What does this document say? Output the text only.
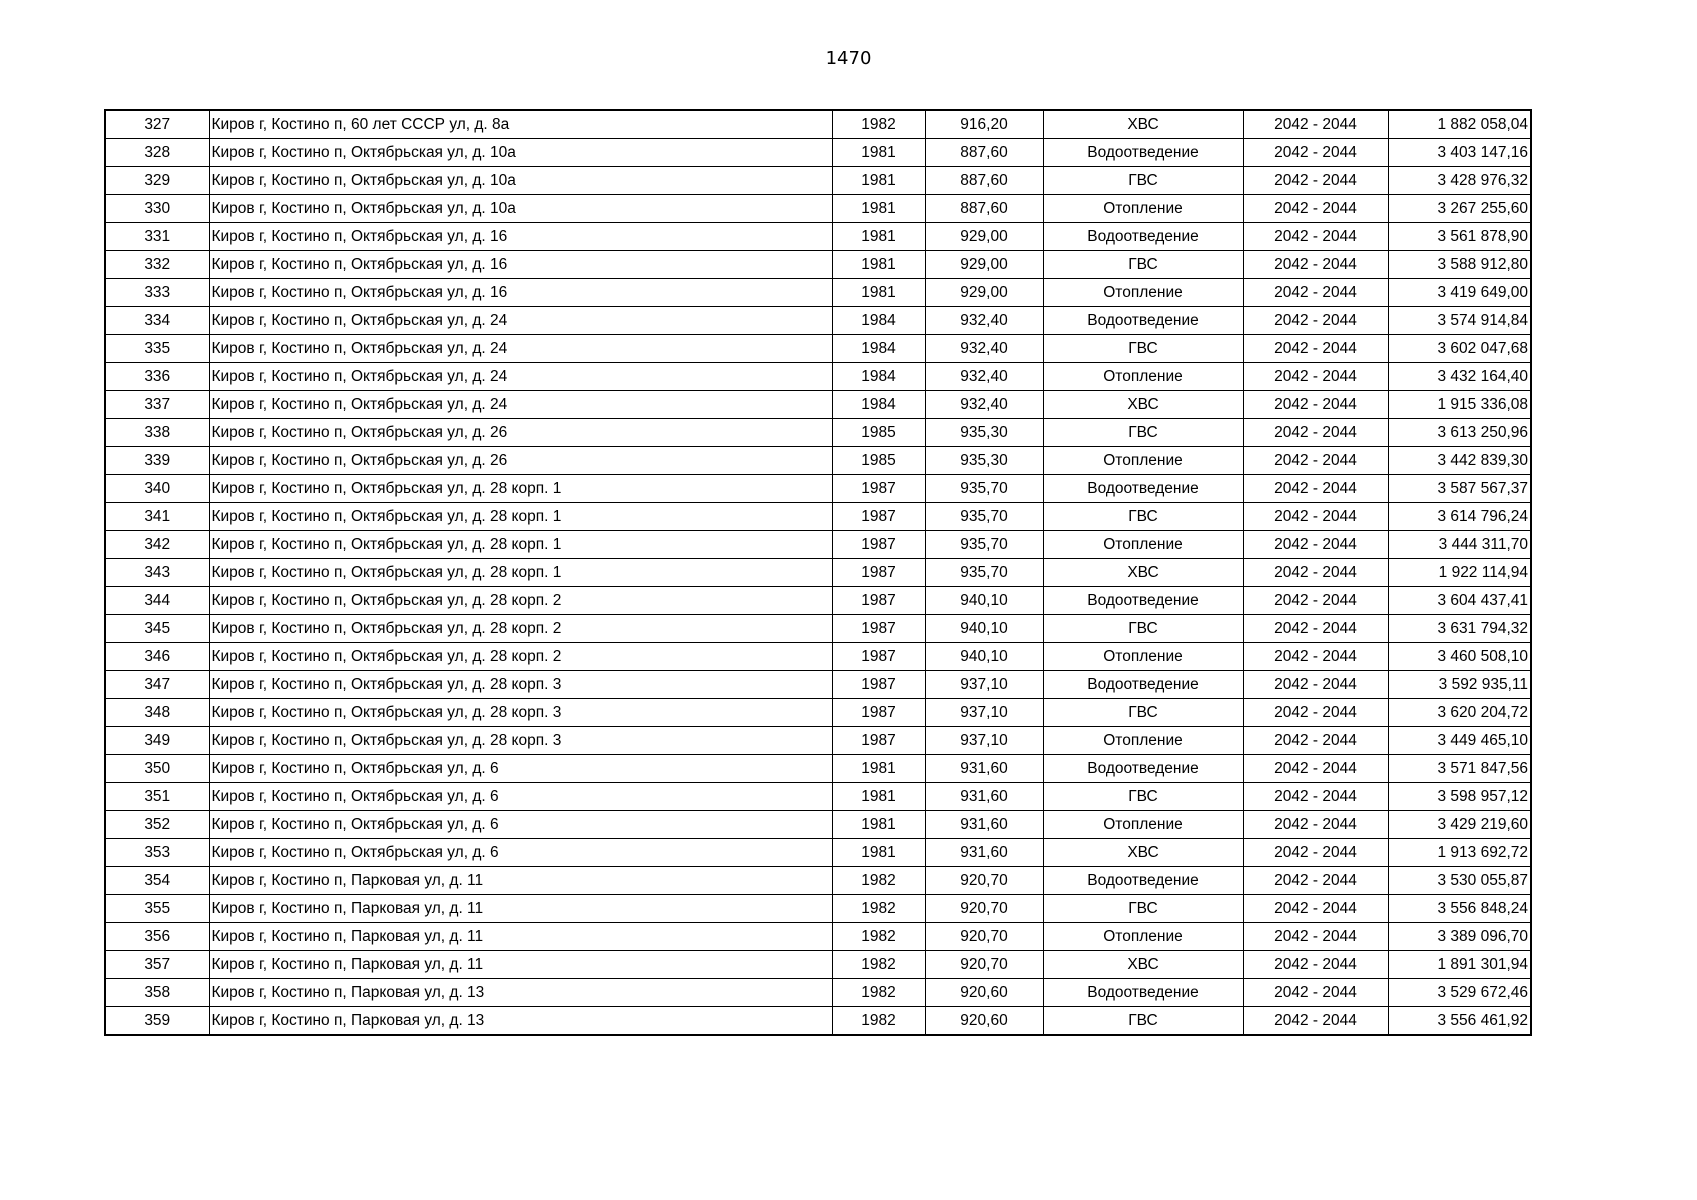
1470
327	Киров г, Костино п, 60 лет СССР ул, д. 8а	1982	916,20	ХВС	2042 - 2044	1 882 058,04
328	Киров г, Костино п, Октябрьская ул, д. 10а	1981	887,60	Водоотведение	2042 - 2044	3 403 147,16
329	Киров г, Костино п, Октябрьская ул, д. 10а	1981	887,60	ГВС	2042 - 2044	3 428 976,32
330	Киров г, Костино п, Октябрьская ул, д. 10а	1981	887,60	Отопление	2042 - 2044	3 267 255,60
331	Киров г, Костино п, Октябрьская ул, д. 16	1981	929,00	Водоотведение	2042 - 2044	3 561 878,90
332	Киров г, Костино п, Октябрьская ул, д. 16	1981	929,00	ГВС	2042 - 2044	3 588 912,80
333	Киров г, Костино п, Октябрьская ул, д. 16	1981	929,00	Отопление	2042 - 2044	3 419 649,00
334	Киров г, Костино п, Октябрьская ул, д. 24	1984	932,40	Водоотведение	2042 - 2044	3 574 914,84
335	Киров г, Костино п, Октябрьская ул, д. 24	1984	932,40	ГВС	2042 - 2044	3 602 047,68
336	Киров г, Костино п, Октябрьская ул, д. 24	1984	932,40	Отопление	2042 - 2044	3 432 164,40
337	Киров г, Костино п, Октябрьская ул, д. 24	1984	932,40	ХВС	2042 - 2044	1 915 336,08
338	Киров г, Костино п, Октябрьская ул, д. 26	1985	935,30	ГВС	2042 - 2044	3 613 250,96
339	Киров г, Костино п, Октябрьская ул, д. 26	1985	935,30	Отопление	2042 - 2044	3 442 839,30
340	Киров г, Костино п, Октябрьская ул, д. 28 корп. 1	1987	935,70	Водоотведение	2042 - 2044	3 587 567,37
341	Киров г, Костино п, Октябрьская ул, д. 28 корп. 1	1987	935,70	ГВС	2042 - 2044	3 614 796,24
342	Киров г, Костино п, Октябрьская ул, д. 28 корп. 1	1987	935,70	Отопление	2042 - 2044	3 444 311,70
343	Киров г, Костино п, Октябрьская ул, д. 28 корп. 1	1987	935,70	ХВС	2042 - 2044	1 922 114,94
344	Киров г, Костино п, Октябрьская ул, д. 28 корп. 2	1987	940,10	Водоотведение	2042 - 2044	3 604 437,41
345	Киров г, Костино п, Октябрьская ул, д. 28 корп. 2	1987	940,10	ГВС	2042 - 2044	3 631 794,32
346	Киров г, Костино п, Октябрьская ул, д. 28 корп. 2	1987	940,10	Отопление	2042 - 2044	3 460 508,10
347	Киров г, Костино п, Октябрьская ул, д. 28 корп. 3	1987	937,10	Водоотведение	2042 - 2044	3 592 935,11
348	Киров г, Костино п, Октябрьская ул, д. 28 корп. 3	1987	937,10	ГВС	2042 - 2044	3 620 204,72
349	Киров г, Костино п, Октябрьская ул, д. 28 корп. 3	1987	937,10	Отопление	2042 - 2044	3 449 465,10
350	Киров г, Костино п, Октябрьская ул, д. 6	1981	931,60	Водоотведение	2042 - 2044	3 571 847,56
351	Киров г, Костино п, Октябрьская ул, д. 6	1981	931,60	ГВС	2042 - 2044	3 598 957,12
352	Киров г, Костино п, Октябрьская ул, д. 6	1981	931,60	Отопление	2042 - 2044	3 429 219,60
353	Киров г, Костино п, Октябрьская ул, д. 6	1981	931,60	ХВС	2042 - 2044	1 913 692,72
354	Киров г, Костино п, Парковая ул, д. 11	1982	920,70	Водоотведение	2042 - 2044	3 530 055,87
355	Киров г, Костино п, Парковая ул, д. 11	1982	920,70	ГВС	2042 - 2044	3 556 848,24
356	Киров г, Костино п, Парковая ул, д. 11	1982	920,70	Отопление	2042 - 2044	3 389 096,70
357	Киров г, Костино п, Парковая ул, д. 11	1982	920,70	ХВС	2042 - 2044	1 891 301,94
358	Киров г, Костино п, Парковая ул, д. 13	1982	920,60	Водоотведение	2042 - 2044	3 529 672,46
359	Киров г, Костино п, Парковая ул, д. 13	1982	920,60	ГВС	2042 - 2044	3 556 461,92
